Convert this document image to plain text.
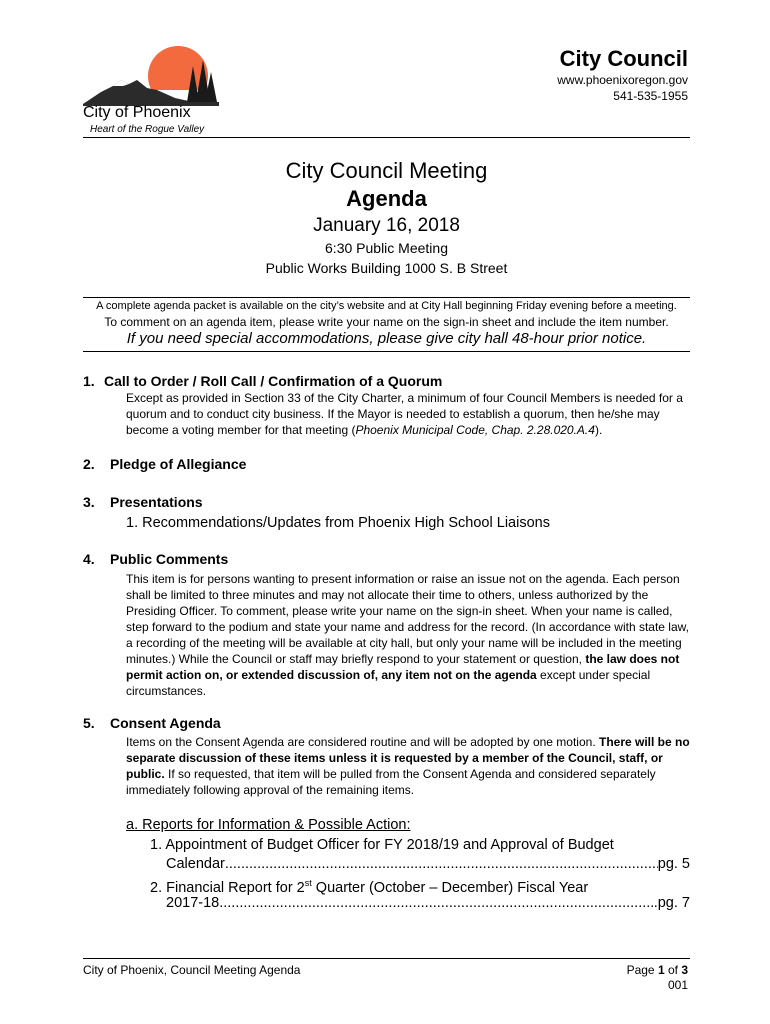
City of Phoenix
Heart of the Rogue Valley
City Council
www.phoenixoregon.gov
541-535-1955
City Council Meeting
Agenda
January 16, 2018
6:30 Public Meeting
Public Works Building 1000 S. B Street
A complete agenda packet is available on the city’s website and at City Hall beginning Friday evening before a meeting.
To comment on an agenda item, please write your name on the sign-in sheet and include the item number.
If you need special accommodations, please give city hall 48-hour prior notice.
1. Call to Order / Roll Call / Confirmation of a Quorum
Except as provided in Section 33 of the City Charter, a minimum of four Council Members is needed for a quorum and to conduct city business. If the Mayor is needed to establish a quorum, then he/she may become a voting member for that meeting (Phoenix Municipal Code, Chap. 2.28.020.A.4).
2. Pledge of Allegiance
3. Presentations
1. Recommendations/Updates from Phoenix High School Liaisons
4. Public Comments
This item is for persons wanting to present information or raise an issue not on the agenda. Each person shall be limited to three minutes and may not allocate their time to others, unless authorized by the Presiding Officer. To comment, please write your name on the sign-in sheet. When your name is called, step forward to the podium and state your name and address for the record. (In accordance with state law, a recording of the meeting will be available at city hall, but only your name will be included in the meeting minutes.) While the Council or staff may briefly respond to your statement or question, the law does not permit action on, or extended discussion of, any item not on the agenda except under special circumstances.
5. Consent Agenda
Items on the Consent Agenda are considered routine and will be adopted by one motion. There will be no separate discussion of these items unless it is requested by a member of the Council, staff, or public. If so requested, that item will be pulled from the Consent Agenda and considered separately immediately following approval of the remaining items.
a. Reports for Information & Possible Action:
1. Appointment of Budget Officer for FY 2018/19 and Approval of Budget
Calendar .....	pg. 5
2. Financial Report for 2st Quarter (October – December) Fiscal Year
2017-18 .....	.pg. 7
City of Phoenix, Council Meeting Agenda	Page 1 of 3
001
